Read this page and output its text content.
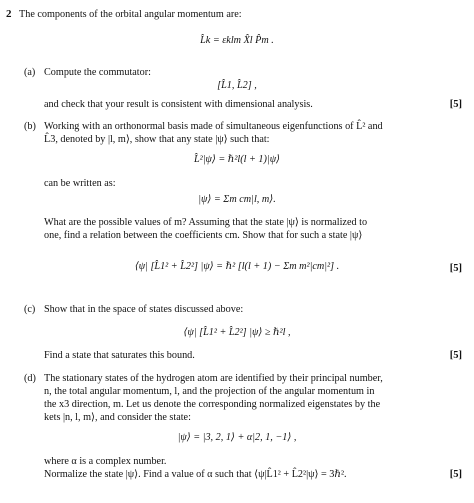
2 The components of the orbital angular momentum are:
L̂k = εklm X̂l P̂m .
(a) Compute the commutator:
[L̂1, L̂2] ,
and check that your result is consistent with dimensional analysis.	[5]
(b) Working with an orthonormal basis made of simultaneous eigenfunctions of L̂² and
L̂3, denoted by |l, m⟩, show that any state |ψ⟩ such that:
L̂²|ψ⟩ = ℏ²l(l + 1)|ψ⟩
can be written as:
|ψ⟩ = Σm cm|l, m⟩.
What are the possible values of m? Assuming that the state |ψ⟩ is normalized to
one, find a relation between the coefficients cm. Show that for such a state |ψ⟩
⟨ψ| [L̂1² + L̂2²] |ψ⟩ = ℏ² [l(l + 1) − Σm m²|cm|²] .	[5]
(c) Show that in the space of states discussed above:
⟨ψ| [L̂1² + L̂2²] |ψ⟩ ≥ ℏ²l ,
Find a state that saturates this bound.	[5]
(d) The stationary states of the hydrogen atom are identified by their principal number,
n, the total angular momentum, l, and the projection of the angular momentum in
the x3 direction, m. Let us denote the corresponding normalized eigenstates by the
kets |n, l, m⟩, and consider the state:
|ψ⟩ = |3, 2, 1⟩ + α|2, 1, −1⟩ ,
where α is a complex number.
Normalize the state |ψ⟩. Find a value of α such that ⟨ψ|L̂1² + L̂2²|ψ⟩ = 3ℏ².	[5]
